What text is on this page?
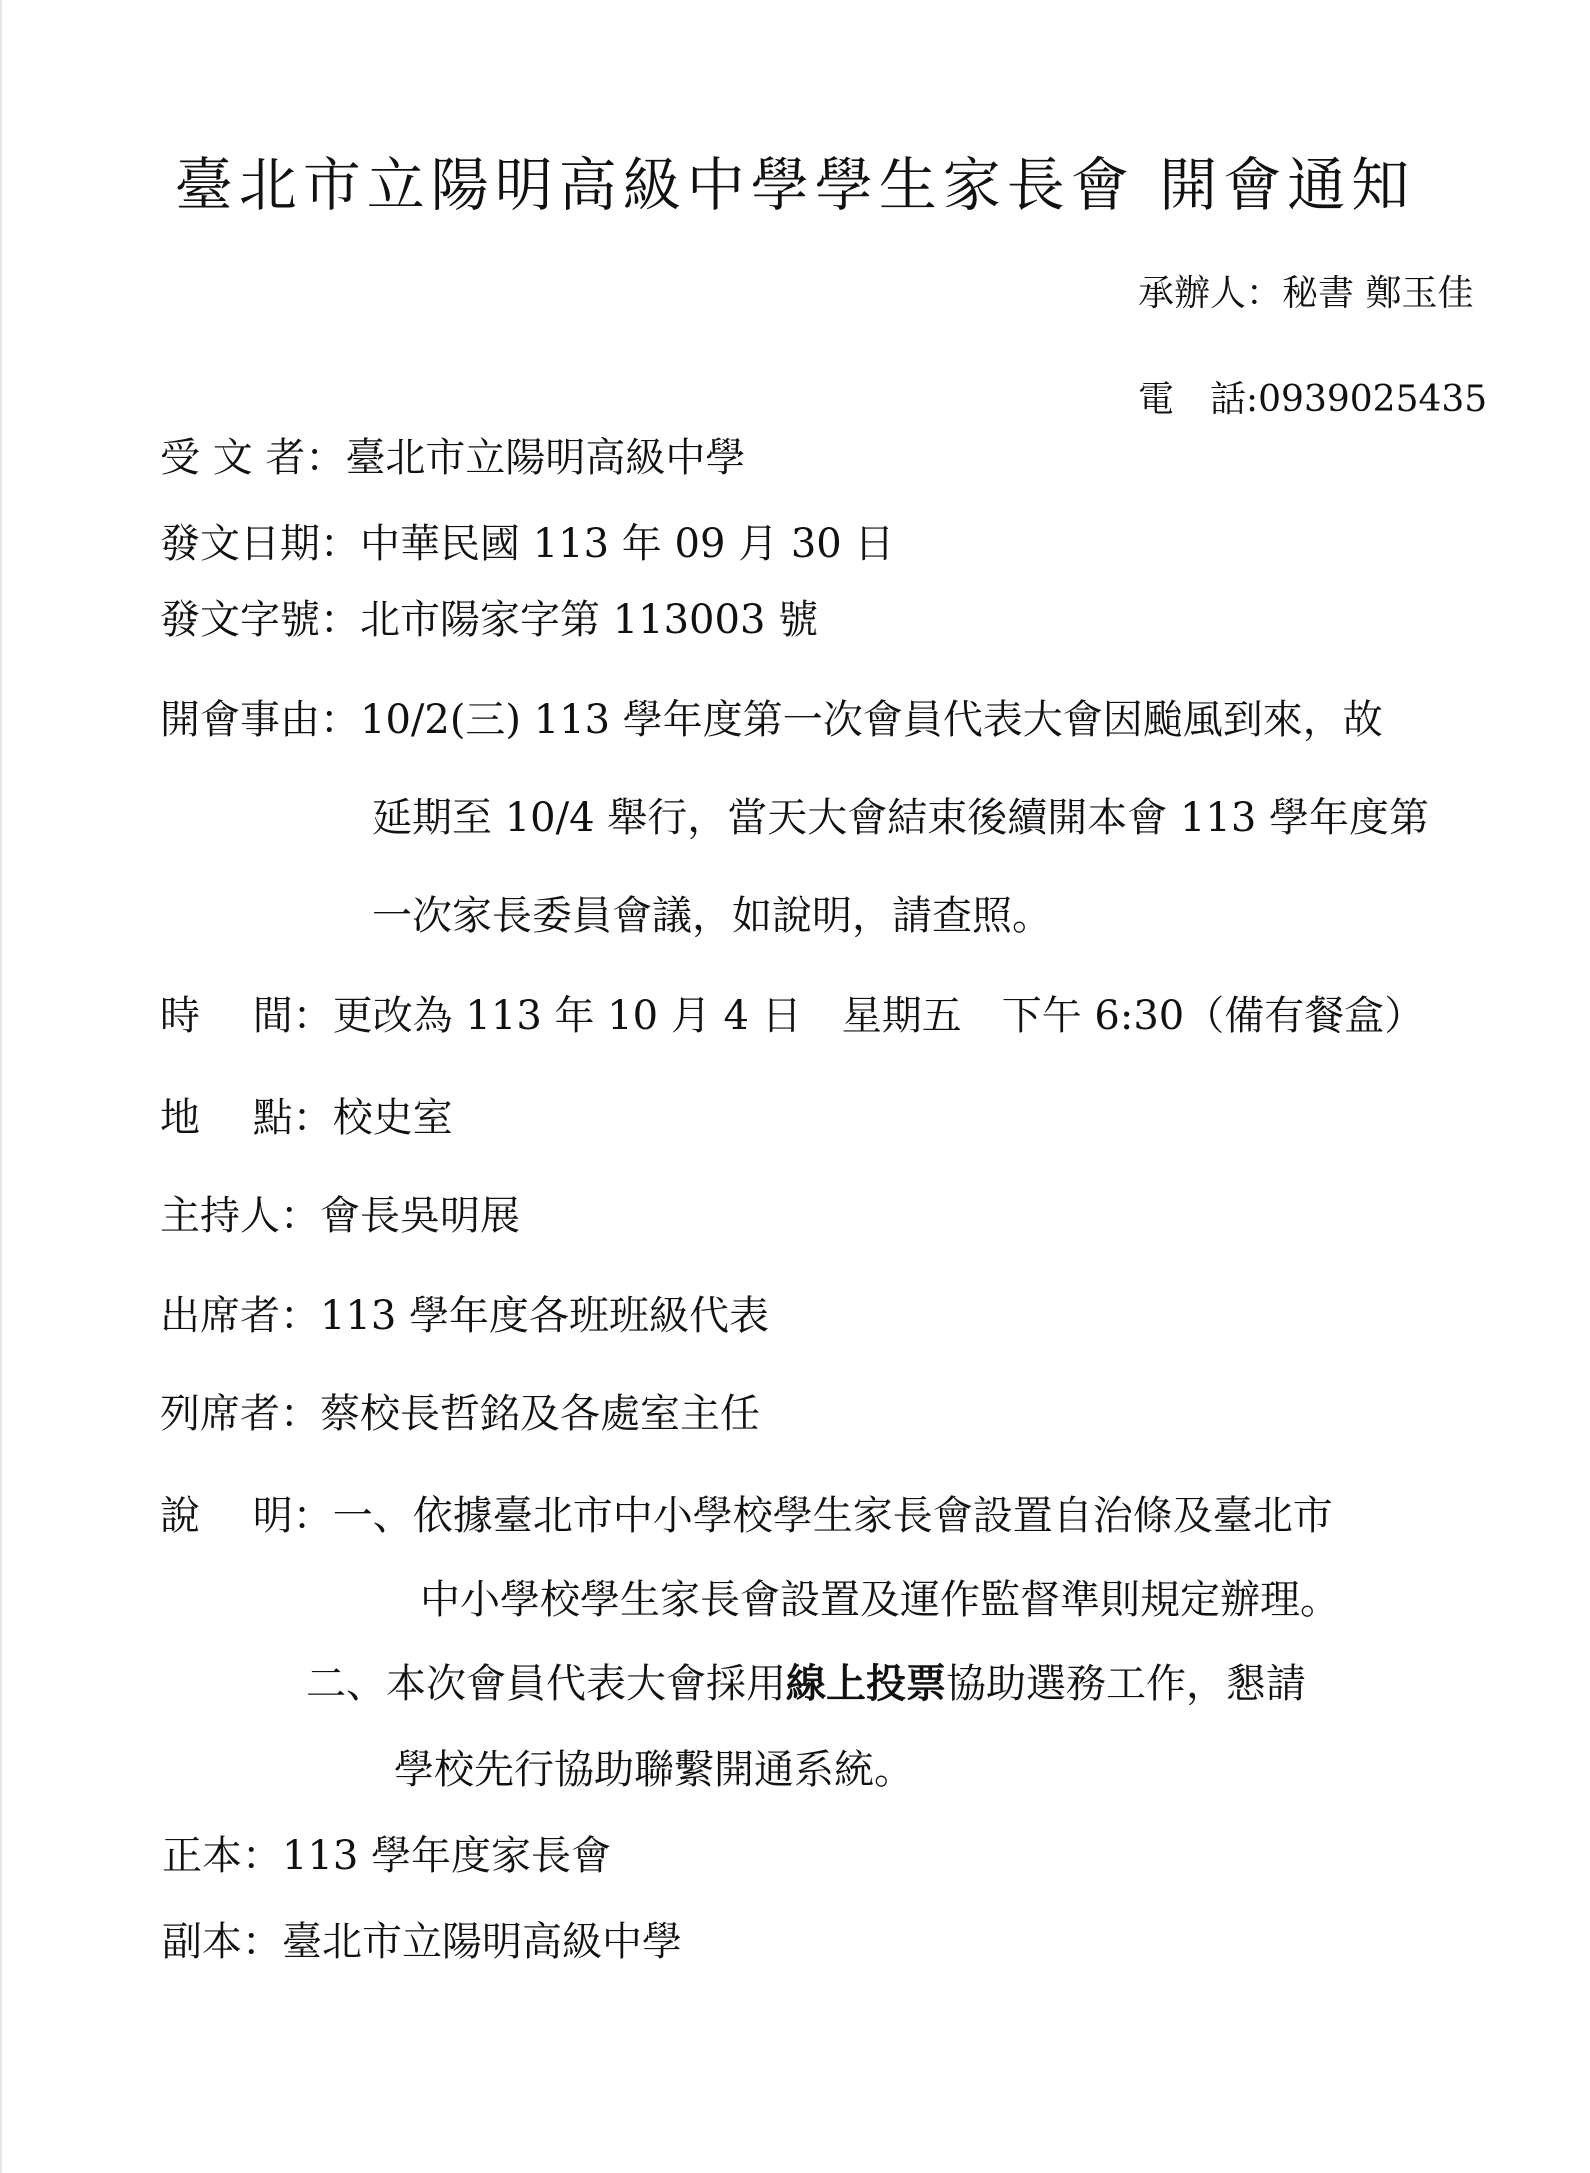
臺北市立陽明高級中學學生家長會 開會通知
承辦人：秘書 鄭玉佳
電　話:0939025435
受 文 者：臺北市立陽明高級中學
發文日期：中華民國 113 年 09 月 30 日
發文字號：北市陽家字第 113003 號
開會事由：10/2(三) 113 學年度第一次會員代表大會因颱風到來，故
延期至 10/4 舉行，當天大會結束後續開本會 113 學年度第
一次家長委員會議，如說明，請查照。
時　 間：更改為 113 年 10 月 4 日　星期五　下午 6:30（備有餐盒）
地　 點：校史室
主持人：會長吳明展
出席者：113 學年度各班班級代表
列席者：蔡校長哲銘及各處室主任
說　 明：一、依據臺北市中小學校學生家長會設置自治條及臺北市
中小學校學生家長會設置及運作監督準則規定辦理。
二、本次會員代表大會採用線上投票協助選務工作，懇請
學校先行協助聯繫開通系統。
正本：113 學年度家長會
副本：臺北市立陽明高級中學
